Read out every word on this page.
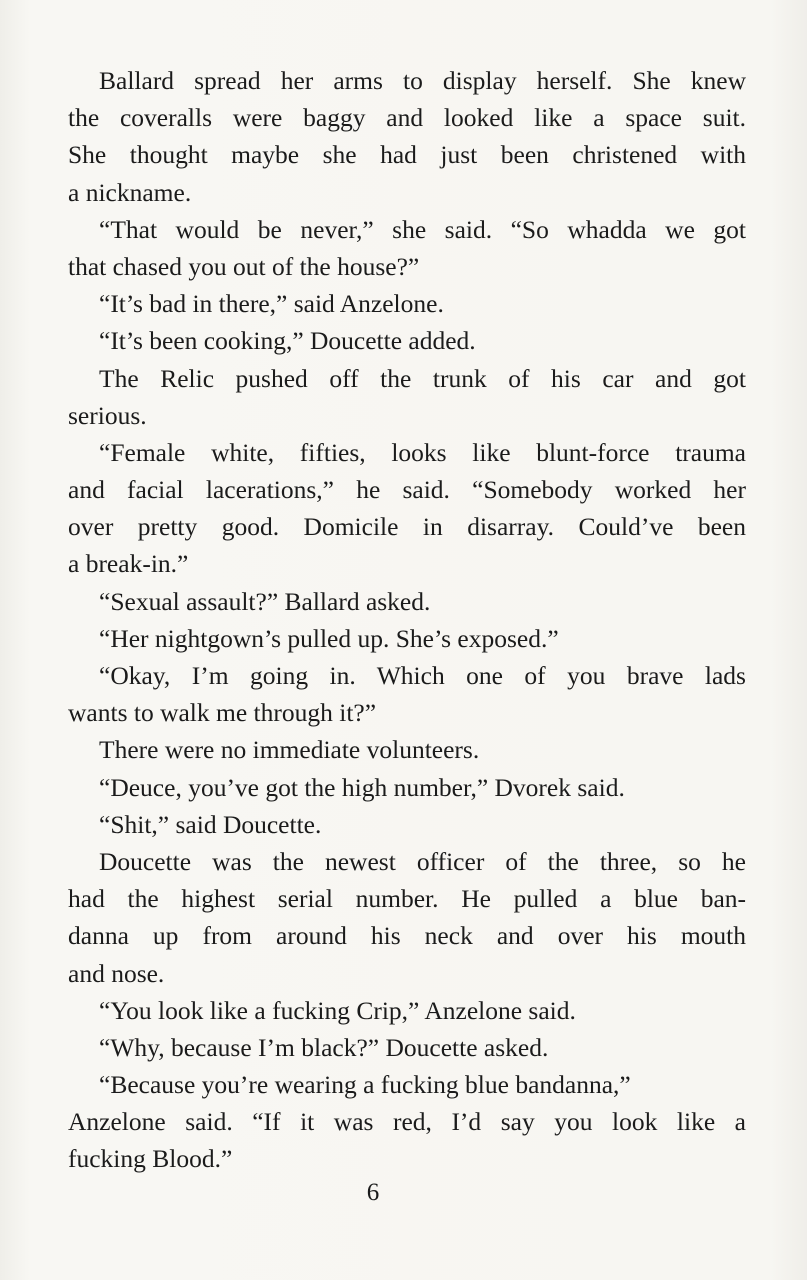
Ballard spread her arms to display herself. She knew
the coveralls were baggy and looked like a space suit.
She thought maybe she had just been christened with
a nickname.
“That would be never,” she said. “So whadda we got
that chased you out of the house?”
“It’s bad in there,” said Anzelone.
“It’s been cooking,” Doucette added.
The Relic pushed off the trunk of his car and got
serious.
“Female white, fifties, looks like blunt-force trauma
and facial lacerations,” he said. “Somebody worked her
over pretty good. Domicile in disarray. Could’ve been
a break-in.”
“Sexual assault?” Ballard asked.
“Her nightgown’s pulled up. She’s exposed.”
“Okay, I’m going in. Which one of you brave lads
wants to walk me through it?”
There were no immediate volunteers.
“Deuce, you’ve got the high number,” Dvorek said.
“Shit,” said Doucette.
Doucette was the newest officer of the three, so he
had the highest serial number. He pulled a blue ban-
danna up from around his neck and over his mouth
and nose.
“You look like a fucking Crip,” Anzelone said.
“Why, because I’m black?” Doucette asked.
“Because you’re wearing a fucking blue bandanna,”
Anzelone said. “If it was red, I’d say you look like a
fucking Blood.”
6
